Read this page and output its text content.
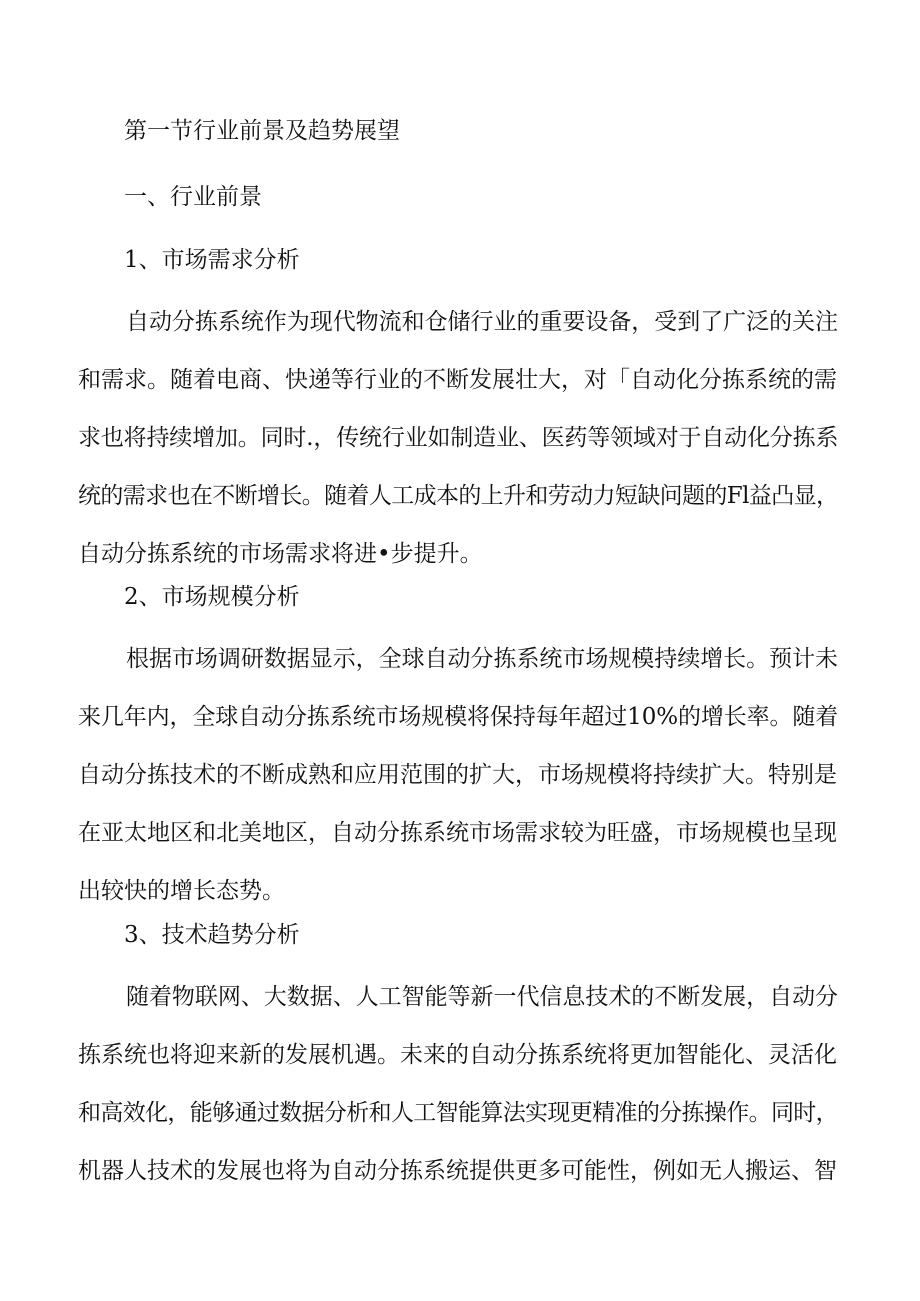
第一节行业前景及趋势展望
一、行业前景
1、市场需求分析
自动分拣系统作为现代物流和仓储行业的重要设备，受到了广泛的关注
和需求。随着电商、快递等行业的不断发展壮大，对「自动化分拣系统的需
求也将持续增加。同时.，传统行业如制造业、医药等领域对于自动化分拣系
统的需求也在不断增长。随着人工成本的上升和劳动力短缺问题的Fl益凸显，
自动分拣系统的市场需求将进•步提升。
2、市场规模分析
根据市场调研数据显示，全球自动分拣系统市场规模持续增长。预计未
来几年内，全球自动分拣系统市场规模将保持每年超过10%的增长率。随着
自动分拣技术的不断成熟和应用范围的扩大，市场规模将持续扩大。特别是
在亚太地区和北美地区，自动分拣系统市场需求较为旺盛，市场规模也呈现
出较快的增长态势。
3、技术趋势分析
随着物联网、大数据、人工智能等新一代信息技术的不断发展，自动分
拣系统也将迎来新的发展机遇。未来的自动分拣系统将更加智能化、灵活化
和高效化，能够通过数据分析和人工智能算法实现更精准的分拣操作。同时，
机器人技术的发展也将为自动分拣系统提供更多可能性，例如无人搬运、智
